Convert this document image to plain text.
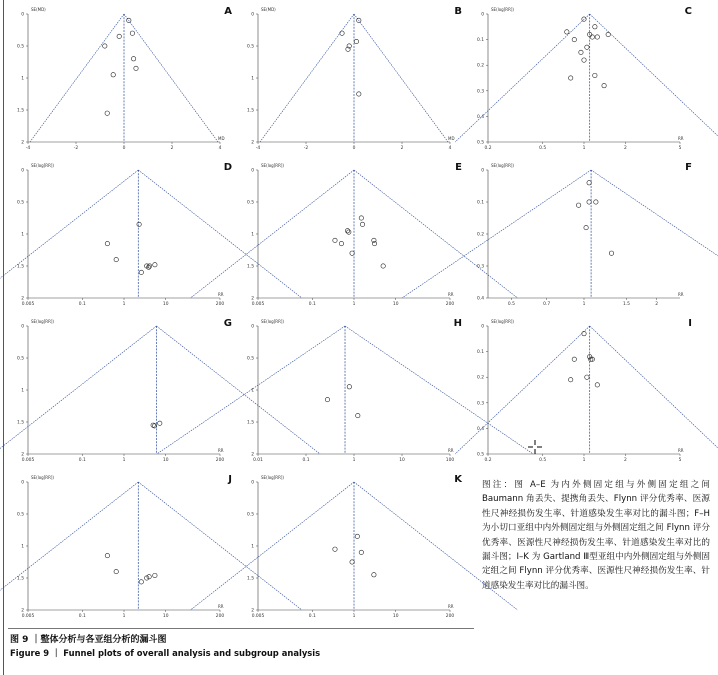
A
0
0.5
1
1.5
2
-4	-2	0	2	4
SE(MD)
MD
B
0
0.5
1
1.5
2
-4	-2	0	2	4
SE(MD)
MD
C
0
0.1
0.2
0.3
0.4
0.5
0.2	0.5	1	2	5
SE(log[RR])
RR
D
0
0.5
1
1.5
2
0.005	0.1	1	10	200
SE(log[RR])
RR
E
0
0.5
1
1.5
2
0.005	0.1	1	10	200
SE(log[RR])
RR
F
0
0.1
0.2
0.3
0.4
0.5	0.7	1	1.5	2
SE(log[RR])
RR
G
0
0.5
1
1.5
2
0.005	0.1	1	10	200
SE(log[RR])
RR
H
0
0.5
1
1.5
2
0.01	0.1	1	10	100
SE(log[RR])
RR
I
0
0.1
0.2
0.3
0.4
0.5
0.2	0.5	1	2	5
SE(log[RR])
RR
J
0
0.5
1
1.5
2
0.005	0.1	1	10	200
SE(log[RR])
RR
K
0
0.5
1
1.5
2
0.005	0.1	1	10	200
SE(log[RR])
RR
图注：图 A–E 为内外侧固定组与外侧固定组之间 Baumann 角丢失、提携角丢失、Flynn 评分优秀率、医源性尺神经损伤发生率、针道感染发生率对比的漏斗图；F–H 为小切口亚组中内外侧固定组与外侧固定组之间 Flynn 评分优秀率、医源性尺神经损伤发生率、针道感染发生率对比的漏斗图；I–K 为 Gartland Ⅲ型亚组中内外侧固定组与外侧固定组之间 Flynn 评分优秀率、医源性尺神经损伤发生率、针道感染发生率对比的漏斗图。
图 9 ｜整体分析与各亚组分析的漏斗图
Figure 9 ｜ Funnel plots of overall analysis and subgroup analysis
